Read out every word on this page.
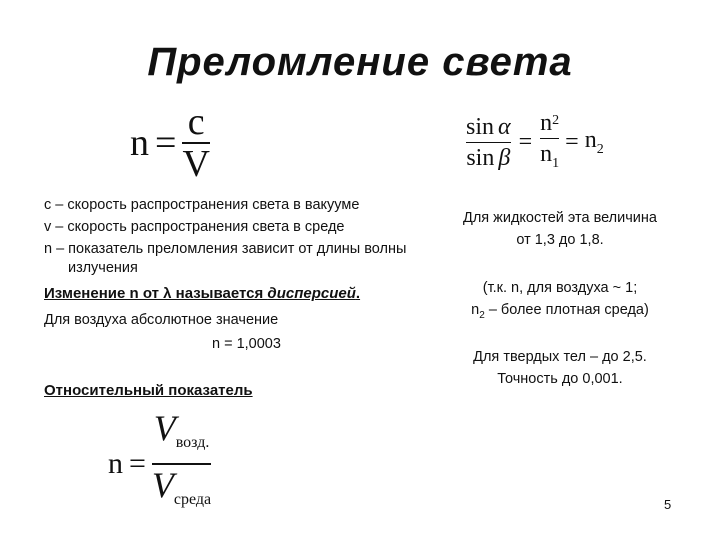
Преломление света
$n = \frac{c}{V}$	$\frac{\text{sin α}}{\text{sin β}} = \frac{n_2}{n_1} = n_2$
c – скорость распространения света в вакууме
v – скорость распространения света в среде
n – показатель преломления зависит от длины волны
излучения
Изменение n от λ называется дисперсией.
Для воздуха абсолютное значение
n = 1,0003
Относительный показатель
$n = \frac{V_{возд.}}{V_{среда}}$
Для жидкостей эта величина
от 1,3 до 1,8.
(т.к. n, для воздуха ~ 1;
$n_2$ – более плотная среда)
Для твердых тел – до 2,5.
Точность до 0,001.
5
